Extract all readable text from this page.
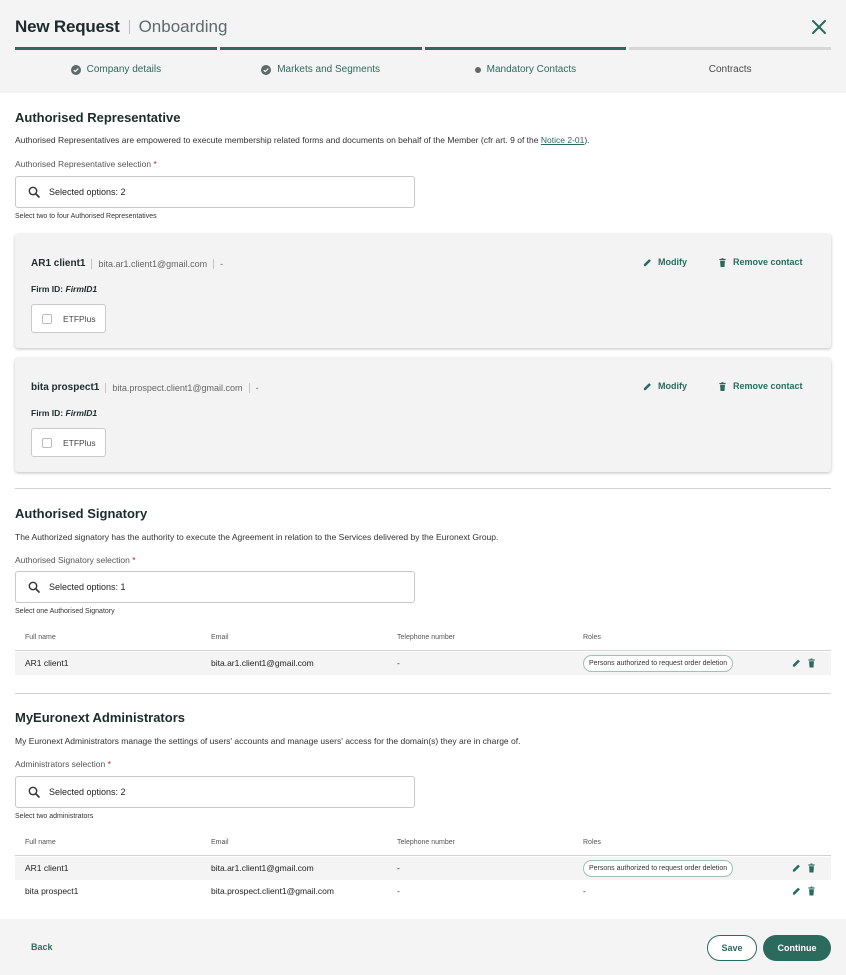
New Request Onboarding
Company details	Markets and Segments	Mandatory Contacts	Contracts
Authorised Representative
Authorised Representatives are empowered to execute membership related forms and documents on behalf of the Member (cfr art. 9 of the Notice 2-01).
Authorised Representative selection *
Selected options: 2
Select two to four Authorised Representatives
AR1 client1 bita.ar1.client1@gmail.com -
Firm ID: FirmID1
ETFPlus
Modify	Remove contact
bita prospect1 bita.prospect.client1@gmail.com -
Firm ID: FirmID1
ETFPlus
Modify	Remove contact
Authorised Signatory
The Authorized signatory has the authority to execute the Agreement in relation to the Services delivered by the Euronext Group.
Authorised Signatory selection *
Selected options: 1
Select one Authorised Signatory
Full name	Email	Telephone number	Roles
AR1 client1	bita.ar1.client1@gmail.com	-	Persons authorized to request order deletion
MyEuronext Administrators
My Euronext Administrators manage the settings of users' accounts and manage users' access for the domain(s) they are in charge of.
Administrators selection *
Selected options: 2
Select two administrators
Full name	Email	Telephone number	Roles
AR1 client1	bita.ar1.client1@gmail.com	-	Persons authorized to request order deletion
bita prospect1	bita.prospect.client1@gmail.com	-	-
Back	Save	Continue
